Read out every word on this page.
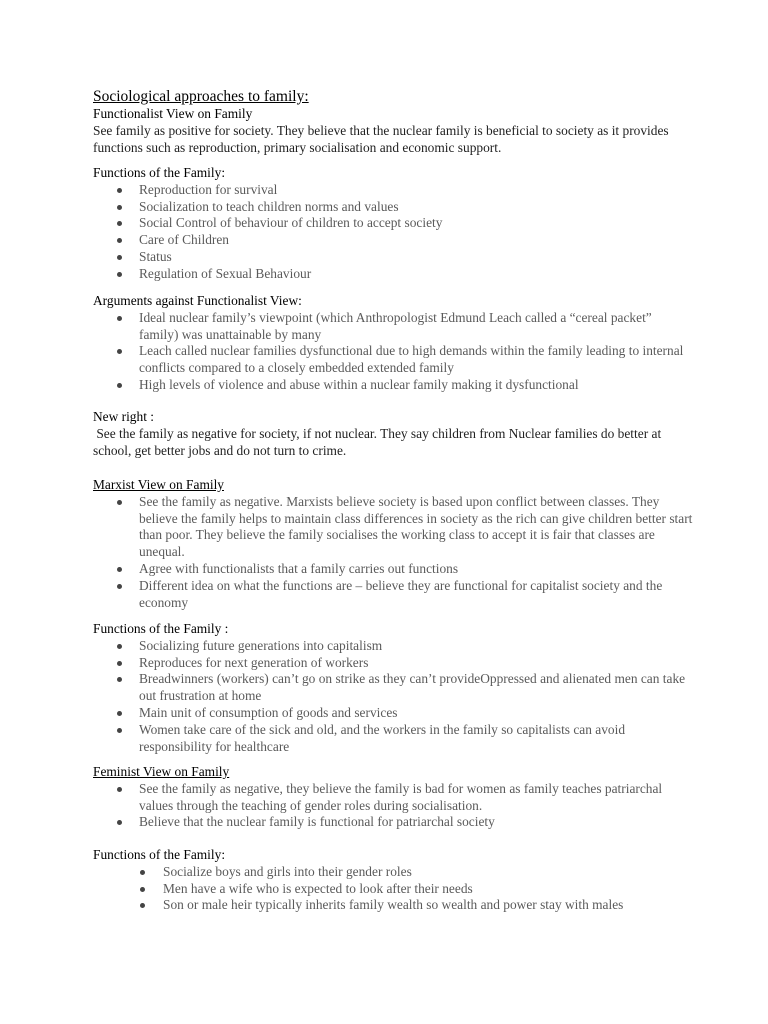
Sociological approaches to family:
Functionalist View on Family
See family as positive for society. They believe that the nuclear family is beneficial to society as it provides functions such as reproduction, primary socialisation and economic support.
Functions of the Family:
Reproduction for survival
Socialization to teach children norms and values
Social Control of behaviour of children to accept society
Care of Children
Status
Regulation of Sexual Behaviour
Arguments against Functionalist View:
Ideal nuclear family’s viewpoint (which Anthropologist Edmund Leach called a “cereal packet” family) was unattainable by many
Leach called nuclear families dysfunctional due to high demands within the family leading to internal conflicts compared to a closely embedded extended family
High levels of violence and abuse within a nuclear family making it dysfunctional
New right :
See the family as negative for society, if not nuclear. They say children from Nuclear families do better at school, get better jobs and do not turn to crime.
Marxist View on Family
See the family as negative. Marxists believe society is based upon conflict between classes. They believe the family helps to maintain class differences in society as the rich can give children better start than poor. They believe the family socialises the working class to accept it is fair that classes are unequal.
Agree with functionalists that a family carries out functions
Different idea on what the functions are – believe they are functional for capitalist society and the economy
Functions of the Family :
Socializing future generations into capitalism
Reproduces for next generation of workers
Breadwinners (workers) can’t go on strike as they can’t provideOppressed and alienated men can take out frustration at home
Main unit of consumption of goods and services
Women take care of the sick and old, and the workers in the family so capitalists can avoid responsibility for healthcare
Feminist View on Family
See the family as negative, they believe the family is bad for women as family teaches patriarchal values through the teaching of gender roles during socialisation.
Believe that the nuclear family is functional for patriarchal society
Functions of the Family:
Socialize boys and girls into their gender roles
Men have a wife who is expected to look after their needs
Son or male heir typically inherits family wealth so wealth and power stay with males
